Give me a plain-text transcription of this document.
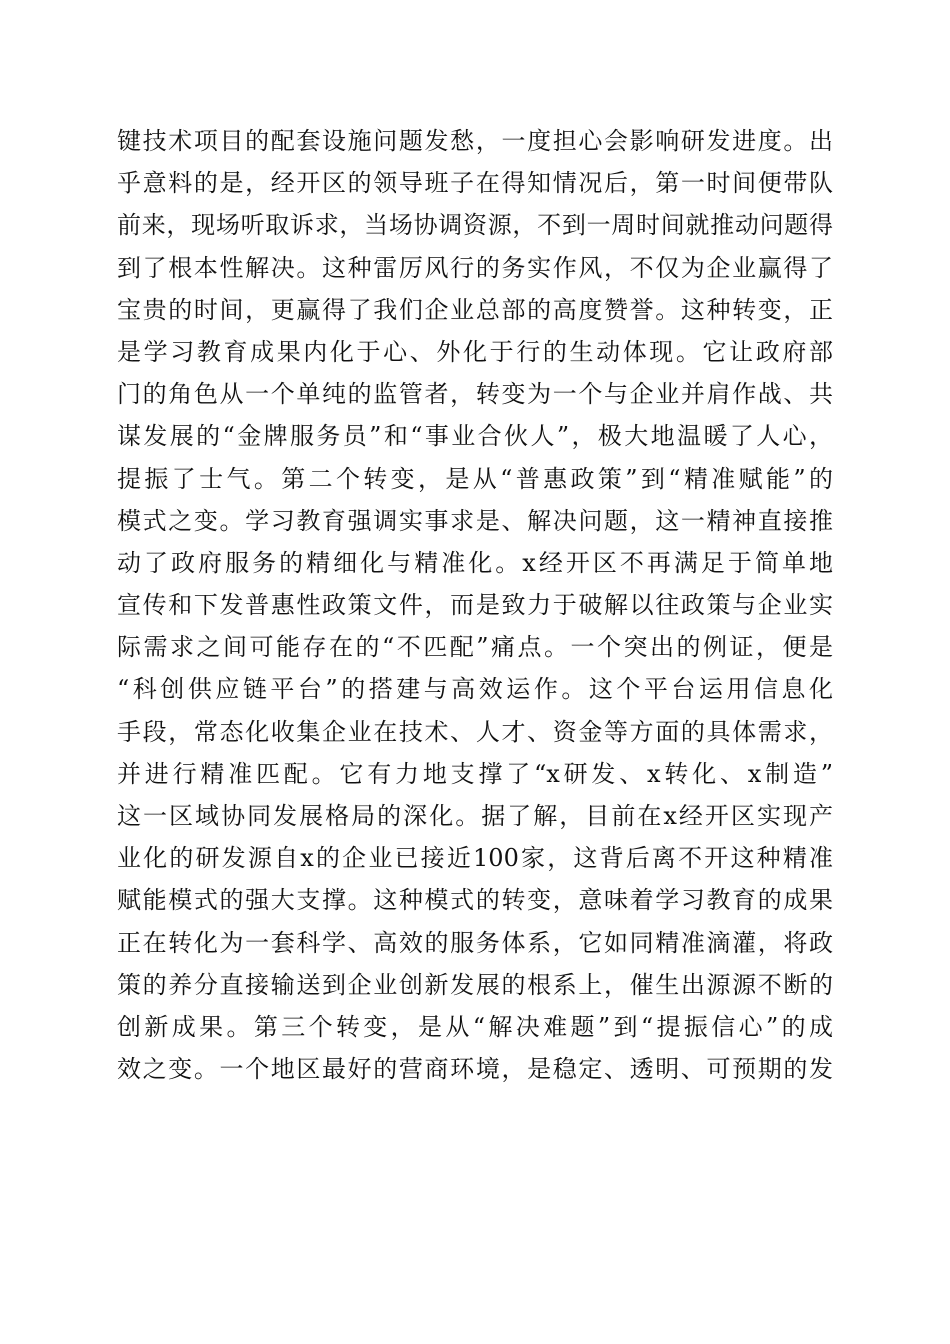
键技术项目的配套设施问题发愁，一度担心会影响研发进度。出
乎意料的是，经开区的领导班子在得知情况后，第一时间便带队
前来，现场听取诉求，当场协调资源，不到一周时间就推动问题得
到了根本性解决。这种雷厉风行的务实作风，不仅为企业赢得了
宝贵的时间，更赢得了我们企业总部的高度赞誉。这种转变，正
是学习教育成果内化于心、外化于行的生动体现。它让政府部
门的角色从一个单纯的监管者，转变为一个与企业并肩作战、共
谋发展的“金牌服务员”和“事业合伙人”，极大地温暖了人心，
提振了士气。第二个转变，是从“普惠政策”到“精准赋能”的
模式之变。学习教育强调实事求是、解决问题，这一精神直接推
动了政府服务的精细化与精准化。x经开区不再满足于简单地
宣传和下发普惠性政策文件，而是致力于破解以往政策与企业实
际需求之间可能存在的“不匹配”痛点。一个突出的例证，便是
“科创供应链平台”的搭建与高效运作。这个平台运用信息化
手段，常态化收集企业在技术、人才、资金等方面的具体需求，
并进行精准匹配。它有力地支撑了“x研发、x转化、x制造”
这一区域协同发展格局的深化。据了解，目前在x经开区实现产
业化的研发源自x的企业已接近100家，这背后离不开这种精准
赋能模式的强大支撑。这种模式的转变，意味着学习教育的成果
正在转化为一套科学、高效的服务体系，它如同精准滴灌，将政
策的养分直接输送到企业创新发展的根系上，催生出源源不断的
创新成果。第三个转变，是从“解决难题”到“提振信心”的成
效之变。一个地区最好的营商环境，是稳定、透明、可预期的发
